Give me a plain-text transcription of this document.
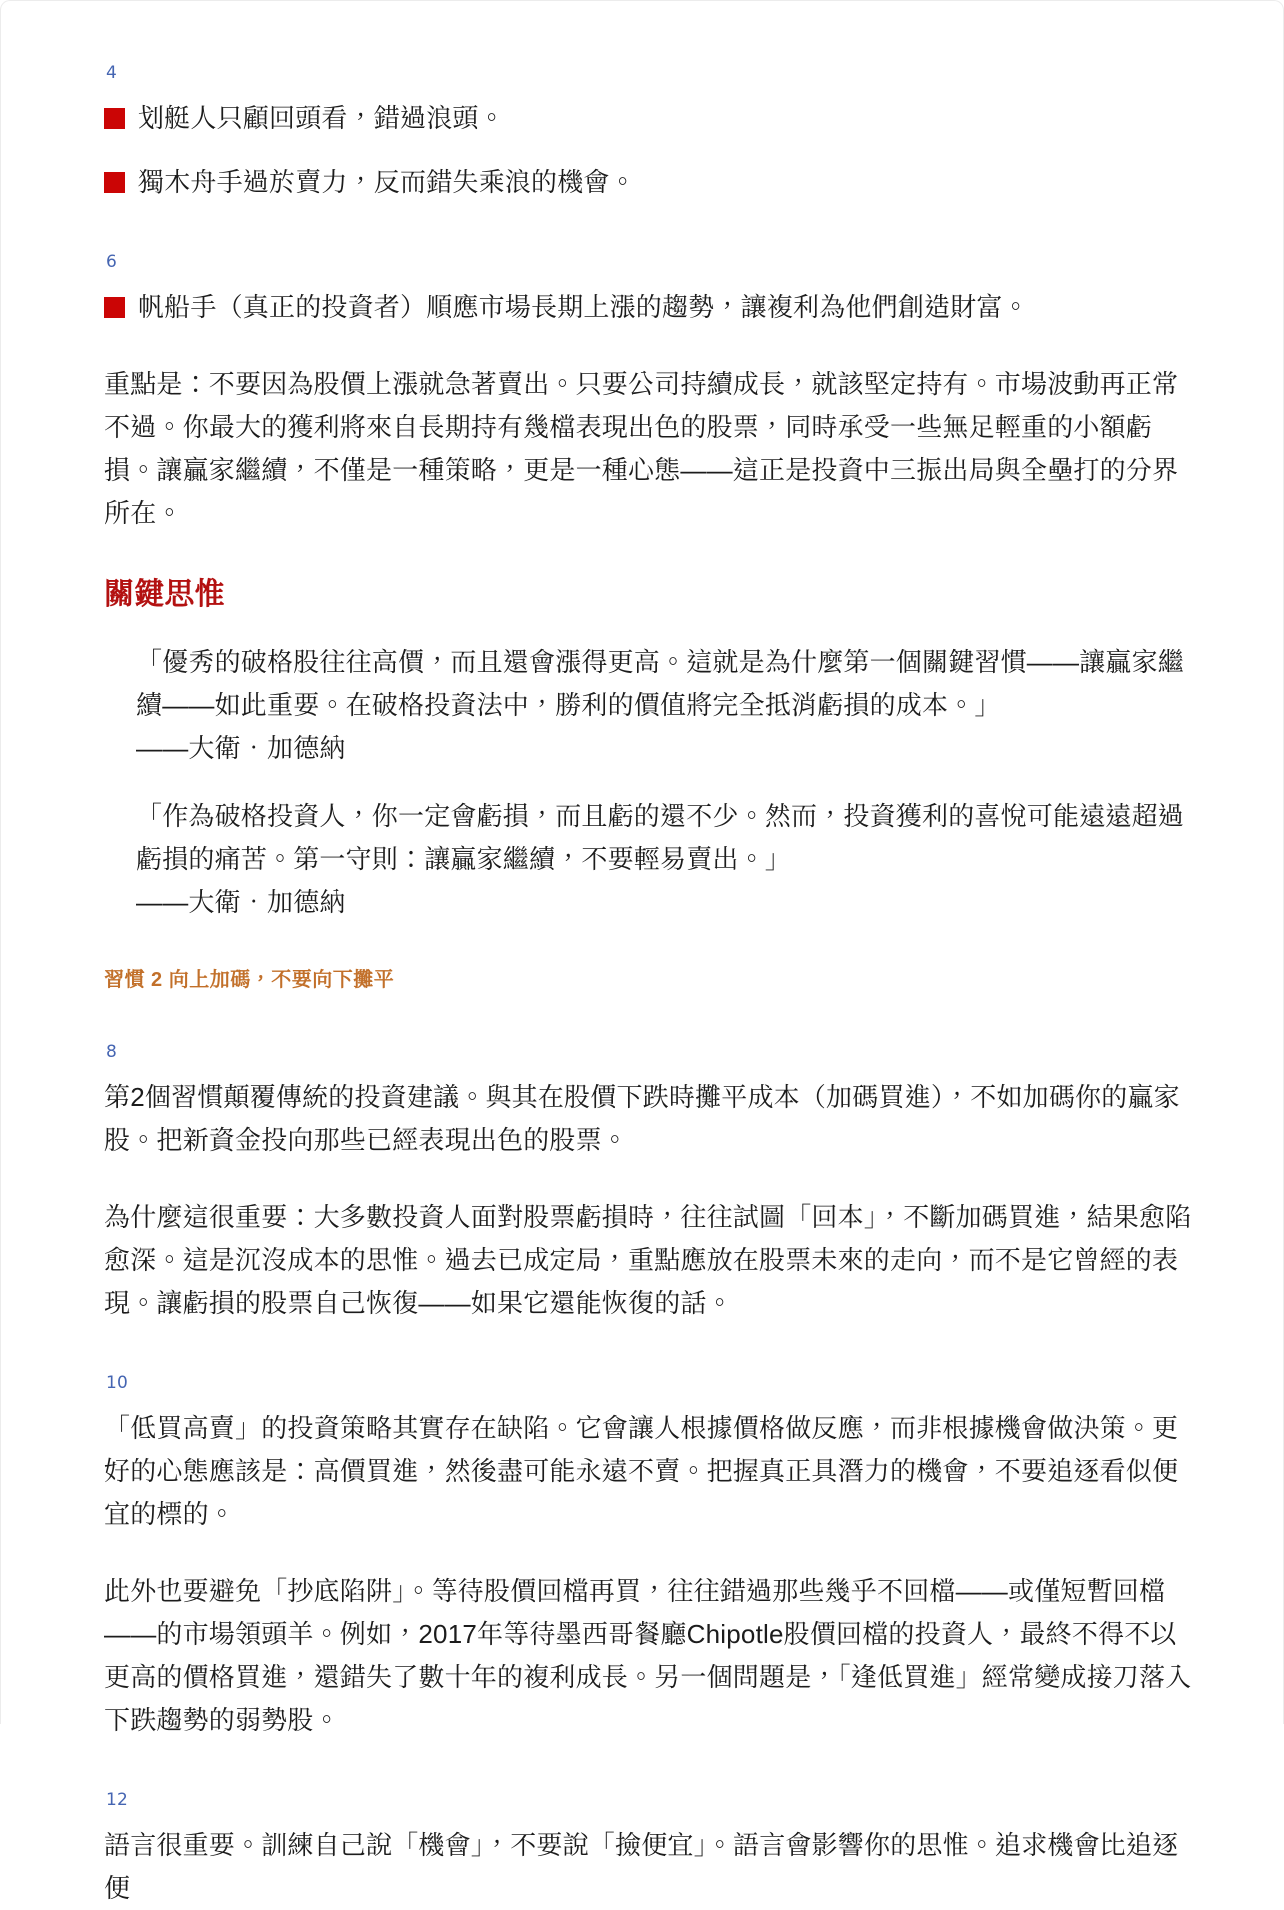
4
划艇人只顧回頭看，錯過浪頭。
獨木舟手過於賣力，反而錯失乘浪的機會。
6
帆船手（真正的投資者）順應市場長期上漲的趨勢，讓複利為他們創造財富。

重點是：不要因為股價上漲就急著賣出。只要公司持續成長，就該堅定持有。市場波動再正常不過。你最大的獲利將來自長期持有幾檔表現出色的股票，同時承受一些無足輕重的小額虧損。讓贏家繼續，不僅是一種策略，更是一種心態——這正是投資中三振出局與全壘打的分界所在。

關鍵思惟
「優秀的破格股往往高價，而且還會漲得更高。這就是為什麼第一個關鍵習慣——讓贏家繼續——如此重要。在破格投資法中，勝利的價值將完全抵消虧損的成本。」
——大衛．加德納
「作為破格投資人，你一定會虧損，而且虧的還不少。然而，投資獲利的喜悅可能遠遠超過虧損的痛苦。第一守則：讓贏家繼續，不要輕易賣出。」
——大衛．加德納
習慣 2 向上加碼，不要向下攤平
8

第2個習慣顛覆傳統的投資建議。與其在股價下跌時攤平成本（加碼買進），不如加碼你的贏家股。把新資金投向那些已經表現出色的股票。

為什麼這很重要：大多數投資人面對股票虧損時，往往試圖「回本」，不斷加碼買進，結果愈陷愈深。這是沉沒成本的思惟。過去已成定局，重點應放在股票未來的走向，而不是它曾經的表現。讓虧損的股票自己恢復——如果它還能恢復的話。

10

「低買高賣」的投資策略其實存在缺陷。它會讓人根據價格做反應，而非根據機會做決策。更好的心態應該是：高價買進，然後盡可能永遠不賣。把握真正具潛力的機會，不要追逐看似便宜的標的。

此外也要避免「抄底陷阱」。等待股價回檔再買，往往錯過那些幾乎不回檔——或僅短暫回檔——的市場領頭羊。例如，2017年等待墨西哥餐廳Chipotle股價回檔的投資人，最終不得不以更高的價格買進，還錯失了數十年的複利成長。另一個問題是，「逢低買進」經常變成接刀落入下跌趨勢的弱勢股。

12

語言很重要。訓練自己說「機會」，不要說「撿便宜」。語言會影響你的思惟。追求機會比追逐便
